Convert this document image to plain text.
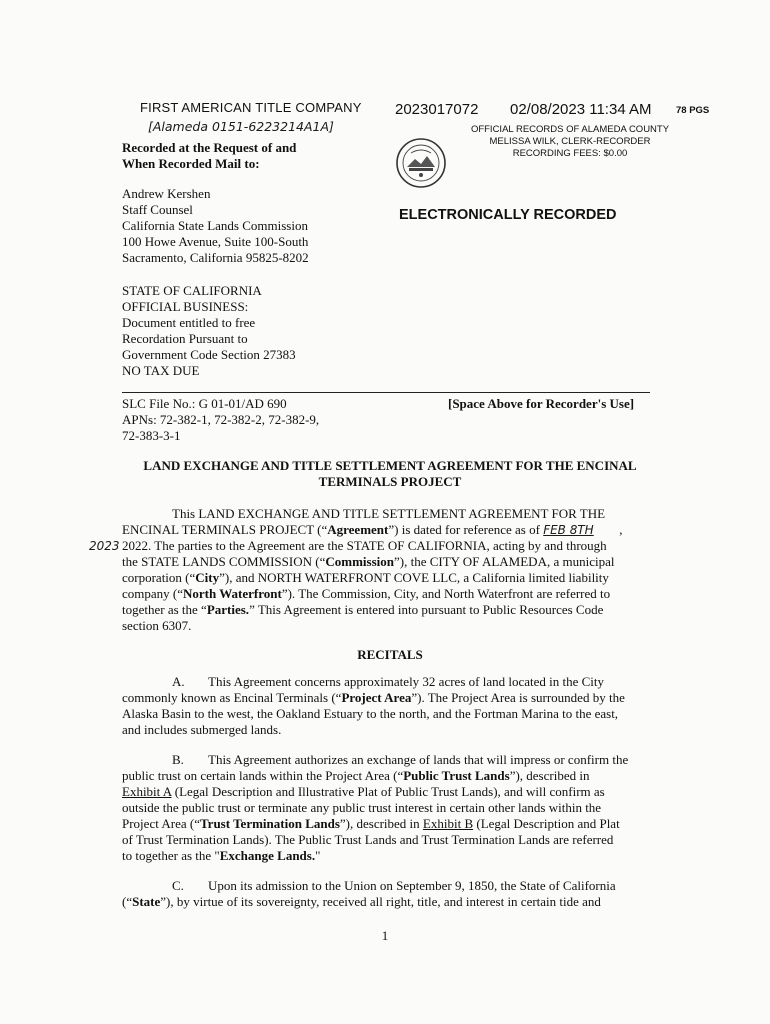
FIRST AMERICAN TITLE COMPANY
[Alameda 0151-6223214A1A]
Recorded at the Request of and
When Recorded Mail to:
2023017072 02/08/2023 11:34 AM	78 PGS
OFFICIAL RECORDS OF ALAMEDA COUNTY
MELISSA WILK, CLERK-RECORDER
RECORDING FEES: $0.00
ELECTRONICALLY RECORDED
Andrew Kershen
Staff Counsel
California State Lands Commission
100 Howe Avenue, Suite 100-South
Sacramento, California 95825-8202
STATE OF CALIFORNIA
OFFICIAL BUSINESS:
Document entitled to free
Recordation Pursuant to
Government Code Section 27383
NO TAX DUE
SLC File No.: G 01-01/AD 690
APNs: 72-382-1, 72-382-2, 72-382-9,
72-383-3-1
[Space Above for Recorder's Use]
LAND EXCHANGE AND TITLE SETTLEMENT AGREEMENT FOR THE ENCINAL
TERMINALS PROJECT
This LAND EXCHANGE AND TITLE SETTLEMENT AGREEMENT FOR THE
ENCINAL TERMINALS PROJECT (“Agreement”) is dated for reference as of FEB 8TH ,
2023 2022. The parties to the Agreement are the STATE OF CALIFORNIA, acting by and through
the STATE LANDS COMMISSION (“Commission”), the CITY OF ALAMEDA, a municipal
corporation (“City”), and NORTH WATERFRONT COVE LLC, a California limited liability
company (“North Waterfront”). The Commission, City, and North Waterfront are referred to
together as the “Parties.” This Agreement is entered into pursuant to Public Resources Code
section 6307.
RECITALS
A. This Agreement concerns approximately 32 acres of land located in the City
commonly known as Encinal Terminals (“Project Area”). The Project Area is surrounded by the
Alaska Basin to the west, the Oakland Estuary to the north, and the Fortman Marina to the east,
and includes submerged lands.
B. This Agreement authorizes an exchange of lands that will impress or confirm the
public trust on certain lands within the Project Area (“Public Trust Lands”), described in
Exhibit A (Legal Description and Illustrative Plat of Public Trust Lands), and will confirm as
outside the public trust or terminate any public trust interest in certain other lands within the
Project Area (“Trust Termination Lands”), described in Exhibit B (Legal Description and Plat
of Trust Termination Lands). The Public Trust Lands and Trust Termination Lands are referred
to together as the "Exchange Lands."
C. Upon its admission to the Union on September 9, 1850, the State of California
(“State”), by virtue of its sovereignty, received all right, title, and interest in certain tide and
1
